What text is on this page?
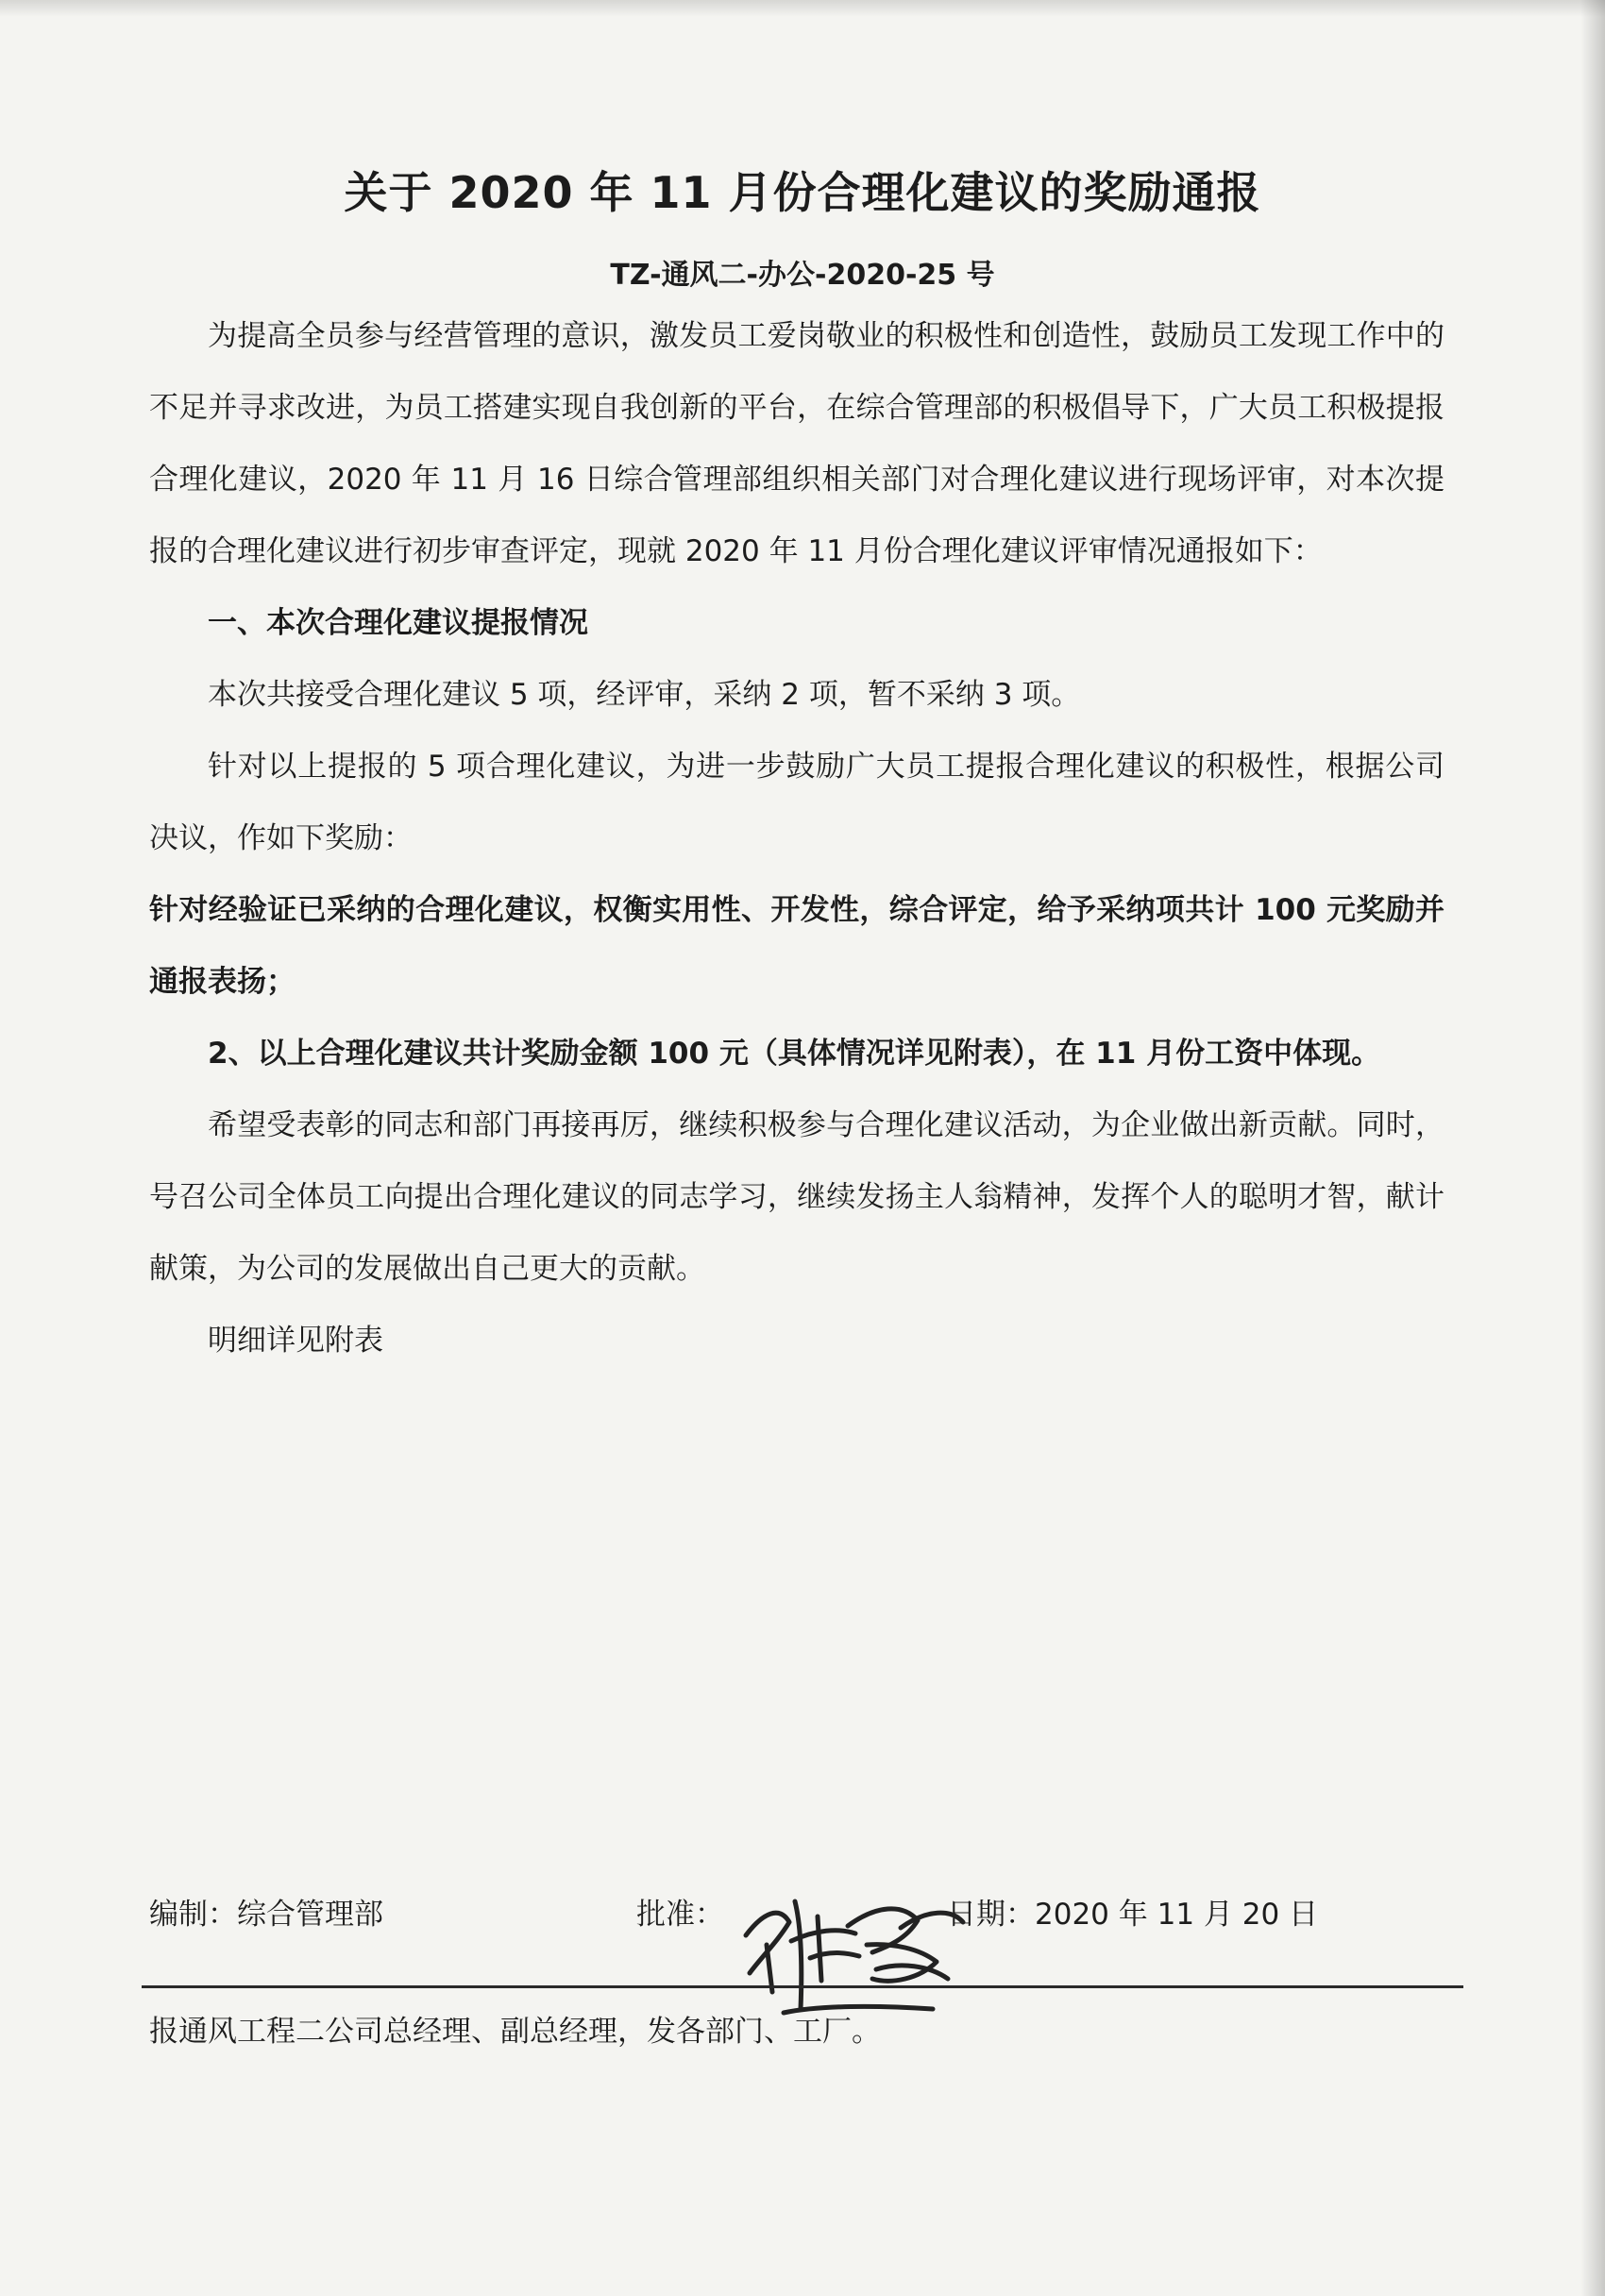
关于 2020 年 11 月份合理化建议的奖励通报
TZ-通风二-办公-2020-25 号

为提高全员参与经营管理的意识，激发员工爱岗敬业的积极性和创造性，鼓励员工发现工作中的不足并寻求改进，为员工搭建实现自我创新的平台，在综合管理部的积极倡导下，广大员工积极提报合理化建议，2020 年 11 月 16 日综合管理部组织相关部门对合理化建议进行现场评审，对本次提报的合理化建议进行初步审查评定，现就 2020 年 11 月份合理化建议评审情况通报如下：

一、本次合理化建议提报情况

本次共接受合理化建议 5 项，经评审，采纳 2 项，暂不采纳 3 项。

针对以上提报的 5 项合理化建议，为进一步鼓励广大员工提报合理化建议的积极性，根据公司决议，作如下奖励：

针对经验证已采纳的合理化建议，权衡实用性、开发性，综合评定，给予采纳项共计 100 元奖励并通报表扬；

2、以上合理化建议共计奖励金额 100 元（具体情况详见附表），在 11 月份工资中体现。

希望受表彰的同志和部门再接再厉，继续积极参与合理化建议活动，为企业做出新贡献。同时，号召公司全体员工向提出合理化建议的同志学习，继续发扬主人翁精神，发挥个人的聪明才智，献计献策，为公司的发展做出自己更大的贡献。

明细详见附表

编制：综合管理部	批准：	日期：2020 年 11 月 20 日
报通风工程二公司总经理、副总经理，发各部门、工厂。
